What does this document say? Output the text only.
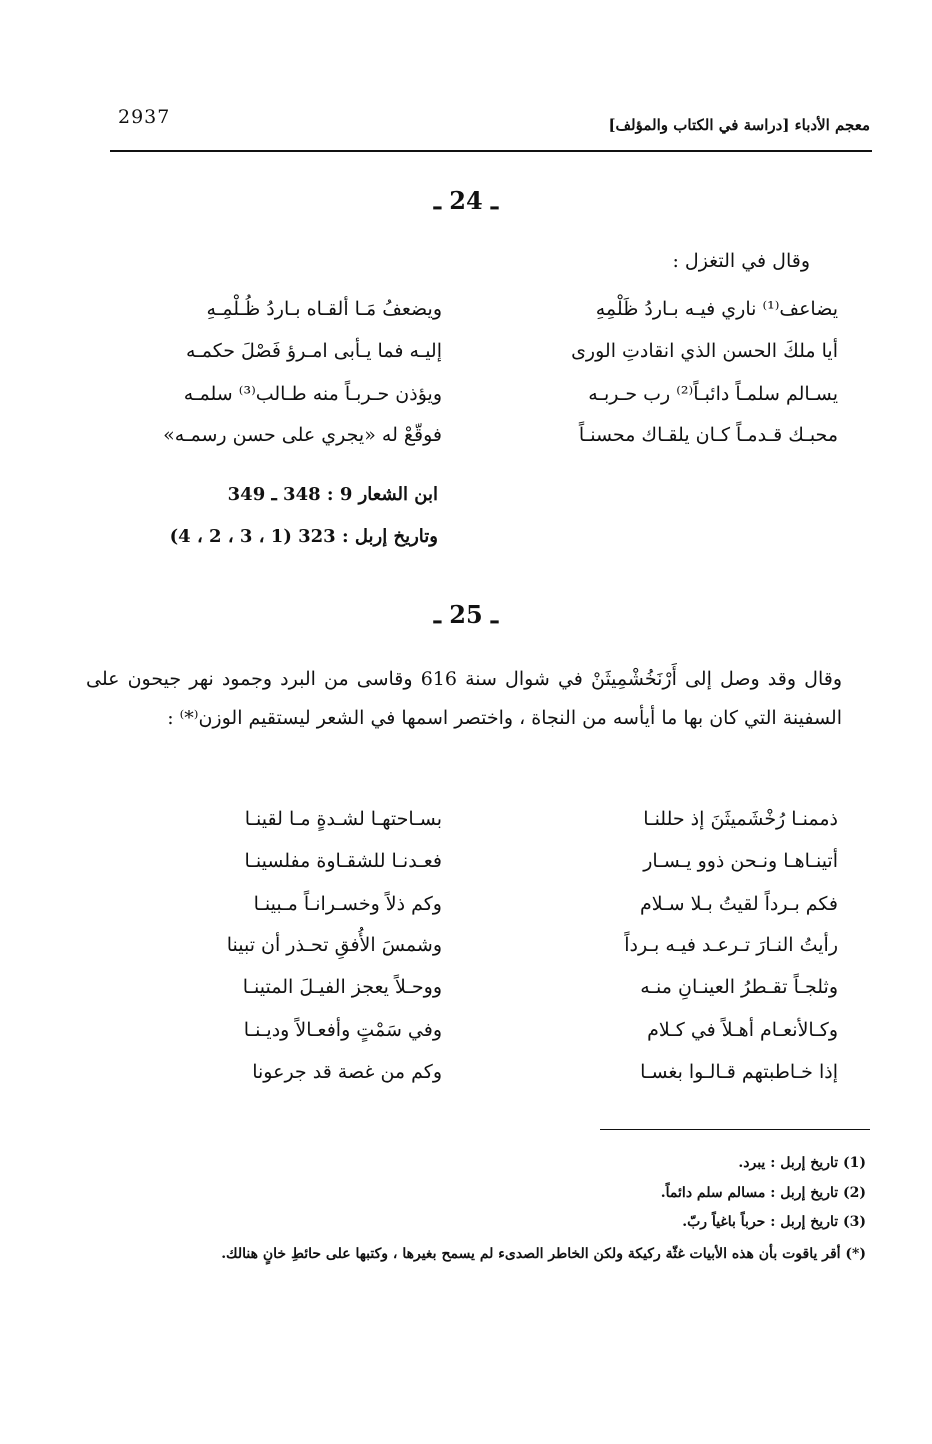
2937	معجم الأدباء [دراسة في الكتاب والمؤلف]
ـ 24 ـ
وقال في التغزل :
يضاعف⁽¹⁾ ناري فيـه بـاردُ ظَلْمِهِ
ويضعفُ مَـا ألقـاه بـاردُ ظُـلْمِـهِ
أيا ملكَ الحسن الذي انقادتِ الورى
إليـه فما يـأبى امـرؤ فَصْلَ حكمـه
يسـالم سلمـاً دائبـاً⁽²⁾ رب حـربـه
ويؤذن حـربـاً منه طـالب⁽³⁾ سلمـه
محبـك قـدمـاً كـان يلقـاك محسنـاً
فوقّعْ له «يجري على حسن رسمـه»
ابن الشعار 9 : 348 ـ 349
وتاريخ إربل : 323 (1 ، 3 ، 2 ، 4)
ـ 25 ـ
وقال وقد وصل إلى أَرْنَخُشْمِيثَنْ في شوال سنة 616 وقاسى من البرد وجمود نهر جيحون على السفينة التي كان بها ما أيأسه من النجاة ، واختصر اسمها في الشعر ليستقيم الوزن⁽*⁾ :
ذممنـا رُخْشَميثَنَ إذ حللنـا
بسـاحتهـا لشـدةٍ مـا لقينـا
أتينـاهـا ونـحن ذوو يـسـار
فعـدنـا للشقـاوة مفلسينـا
فكم بـرداً لقيتُ بـلا سـلام
وكم ذلاً وخسـرانـاً مـبينـا
رأيتُ النـارَ تـرعـد فيـه بـرداً
وشمسَ الأُفقِ تحـذر أن تبينا
وثلجـاً تقـطرُ العينـانِ منـه
ووحـلاً يعجز الفيـلَ المتينـا
وكـالأنعـام أهـلاً في كـلام
وفي سَمْتٍ وأفعـالاً وديـنـا
إذا خـاطبتهم قـالـوا بغسـا
وكم من غصة قد جرعونا
(1) تاريخ إربل : يبرد.
(2) تاريخ إربل : مسالم سلم دائماً.
(3) تاريخ إربل : حرباً باغياً ربّ.
(*) أقر ياقوت بأن هذه الأبيات غثّة ركيكة ولكن الخاطر الصدىء لم يسمح بغيرها ، وكتبها على حائطِ خانٍ هنالك.
